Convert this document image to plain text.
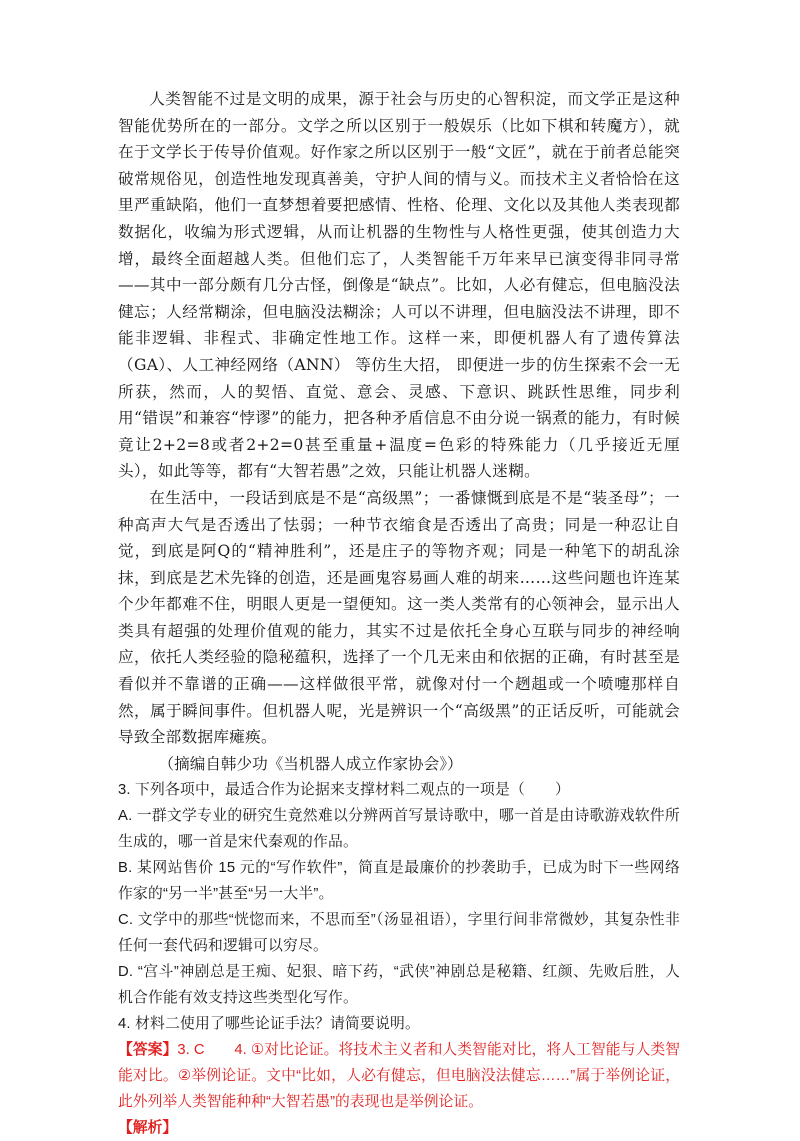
人类智能不过是文明的成果，源于社会与历史的心智积淀，而文学正是这种智能优势所在的一部分。文学之所以区别于一般娱乐（比如下棋和转魔方），就在于文学长于传导价值观。好作家之所以区别于一般“文匠”，就在于前者总能突破常规俗见，创造性地发现真善美，守护人间的情与义。而技术主义者恰恰在这里严重缺陷，他们一直梦想着要把感情、性格、伦理、文化以及其他人类表现都数据化，收编为形式逻辑，从而让机器的生物性与人格性更强，使其创造力大增，最终全面超越人类。但他们忘了，人类智能千万年来早已演变得非同寻常——其中一部分颇有几分古怪，倒像是“缺点”。比如，人必有健忘，但电脑没法健忘；人经常糊涂，但电脑没法糊涂；人可以不讲理，但电脑没法不讲理，即不能非逻辑、非程式、非确定性地工作。这样一来，即便机器人有了遗传算法（GA）、人工神经网络（ANN） 等仿生大招， 即便进一步的仿生探索不会一无所获，然而，人的契悟、直觉、意会、灵感、下意识、跳跃性思维，同步利用“错误”和兼容“悖谬”的能力，把各种矛盾信息不由分说一锅煮的能力，有时候竟让2+2=8或者2+2=0甚至重量+温度=色彩的特殊能力（几乎接近无厘头），如此等等，都有“大智若愚”之效，只能让机器人迷糊。

在生活中，一段话到底是不是“高级黑”；一番慷慨到底是不是“装圣母”；一种高声大气是否透出了怯弱；一种节衣缩食是否透出了高贵；同是一种忍让自觉，到底是阿Q的“精神胜利”，还是庄子的等物齐观；同是一种笔下的胡乱涂抹，到底是艺术先锋的创造，还是画鬼容易画人难的胡来……这些问题也许连某个少年都难不住，明眼人更是一望便知。这一类人类常有的心领神会，显示出人类具有超强的处理价值观的能力，其实不过是依托全身心互联与同步的神经响应，依托人类经验的隐秘蕴积，选择了一个几无来由和依据的正确，有时甚至是看似并不靠谱的正确——这样做很平常，就像对付一个趔趄或一个喷嚏那样自然，属于瞬间事件。但机器人呢，光是辨识一个“高级黑”的正话反听，可能就会导致全部数据库瘫痪。

（摘编自韩少功《当机器人成立作家协会》）

3. 下列各项中，最适合作为论据来支撑材料二观点的一项是（　　）

A. 一群文学专业的研究生竟然难以分辨两首写景诗歌中，哪一首是由诗歌游戏软件所生成的，哪一首是宋代秦观的作品。

B. 某网站售价 15 元的“写作软件”，简直是最廉价的抄袭助手，已成为时下一些网络作家的“另一半”甚至“另一大半”。

C. 文学中的那些“恍惚而来，不思而至”（汤显祖语），字里行间非常微妙，其复杂性非任何一套代码和逻辑可以穷尽。

D. “宫斗”神剧总是王痴、妃狠、暗下药，“武侠”神剧总是秘籍、红颜、先败后胜，人机合作能有效支持这些类型化写作。

4. 材料二使用了哪些论证手法？请简要说明。

【答案】3. C　　4. ①对比论证。将技术主义者和人类智能对比，将人工智能与人类智能对比。②举例论证。文中“比如，人必有健忘，但电脑没法健忘……”属于举例论证，此外列举人类智能种种“大智若愚”的表现也是举例论证。

【解析】
